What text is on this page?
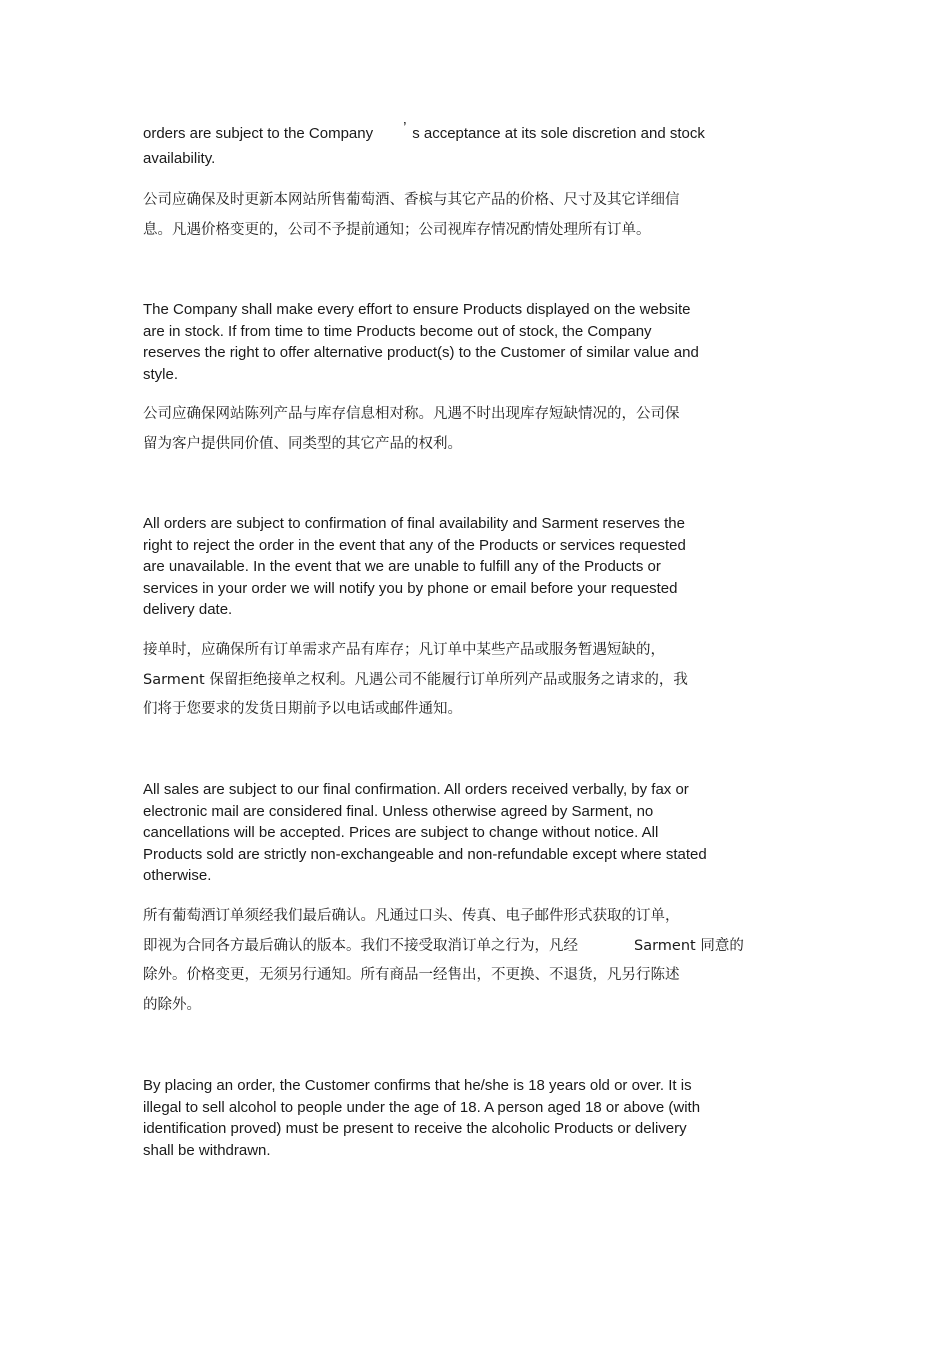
orders are subject to the Company ’ s acceptance at its sole discretion and stock
availability.

公司应确保及时更新本网站所售葡萄酒、香槟与其它产品的价格、尺寸及其它详细信
息。凡遇价格变更的，公司不予提前通知；公司视库存情况酌情处理所有订单。

The Company shall make every effort to ensure Products displayed on the website
are in stock. If from time to time Products become out of stock, the Company
reserves the right to offer alternative product(s) to the Customer of similar value and
style.

公司应确保网站陈列产品与库存信息相对称。凡遇不时出现库存短缺情况的，公司保
留为客户提供同价值、同类型的其它产品的权利。

All orders are subject to confirmation of final availability and Sarment reserves the
right to reject the order in the event that any of the Products or services requested
are unavailable. In the event that we are unable to fulfill any of the Products or
services in your order we will notify you by phone or email before your requested
delivery date.

接单时，应确保所有订单需求产品有库存；凡订单中某些产品或服务暂遇短缺的，
Sarment 保留拒绝接单之权利。凡遇公司不能履行订单所列产品或服务之请求的，我
们将于您要求的发货日期前予以电话或邮件通知。

All sales are subject to our final confirmation. All orders received verbally, by fax or
electronic mail are considered final. Unless otherwise agreed by Sarment, no
cancellations will be accepted. Prices are subject to change without notice. All
Products sold are strictly non-exchangeable and non-refundable except where stated
otherwise.

所有葡萄酒订单须经我们最后确认。凡通过口头、传真、电子邮件形式获取的订单，
即视为合同各方最后确认的版本。我们不接受取消订单之行为，凡经	Sarment 同意的
除外。价格变更，无须另行通知。所有商品一经售出，不更换、不退货，凡另行陈述
的除外。

By placing an order, the Customer confirms that he/she is 18 years old or over. It is
illegal to sell alcohol to people under the age of 18. A person aged 18 or above (with
identification proved) must be present to receive the alcoholic Products or delivery
shall be withdrawn.
